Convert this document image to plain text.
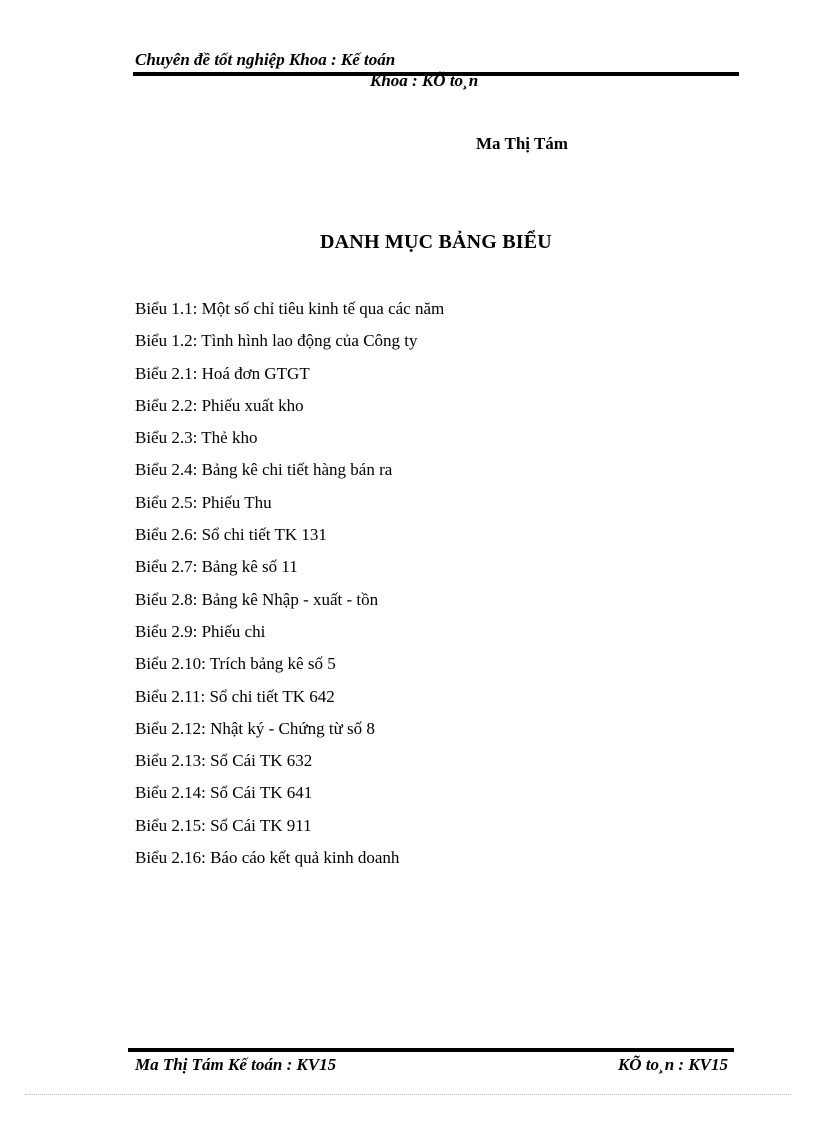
Chuyên đề tốt nghiệp Khoa : Kế toán
Khoa : KÕ to¸n
Ma Thị Tám
DANH MỤC BẢNG BIỂU
Biểu 1.1: Một số chỉ tiêu kinh tế qua các năm
Biểu 1.2: Tình hình lao động của Công ty
Biểu 2.1: Hoá đơn GTGT
Biểu 2.2: Phiếu xuất kho
Biểu 2.3: Thẻ kho
Biểu 2.4: Bảng kê chi tiết hàng bán ra
Biểu 2.5: Phiếu Thu
Biểu 2.6: Sổ chi tiết TK 131
Biểu 2.7: Bảng kê số 11
Biểu 2.8: Bảng kê Nhập - xuất - tồn
Biểu 2.9: Phiếu chi
Biểu 2.10: Trích bảng kê số 5
Biểu 2.11: Sổ chi tiết TK 642
Biểu 2.12: Nhật ký - Chứng từ số 8
Biểu 2.13: Sổ Cái TK 632
Biểu 2.14: Sổ Cái TK 641
Biểu 2.15: Sổ Cái TK 911
Biểu 2.16: Báo cáo kết quả kinh doanh
Ma Thị Tám Kế toán : KV15	KÕ to¸n : KV15
